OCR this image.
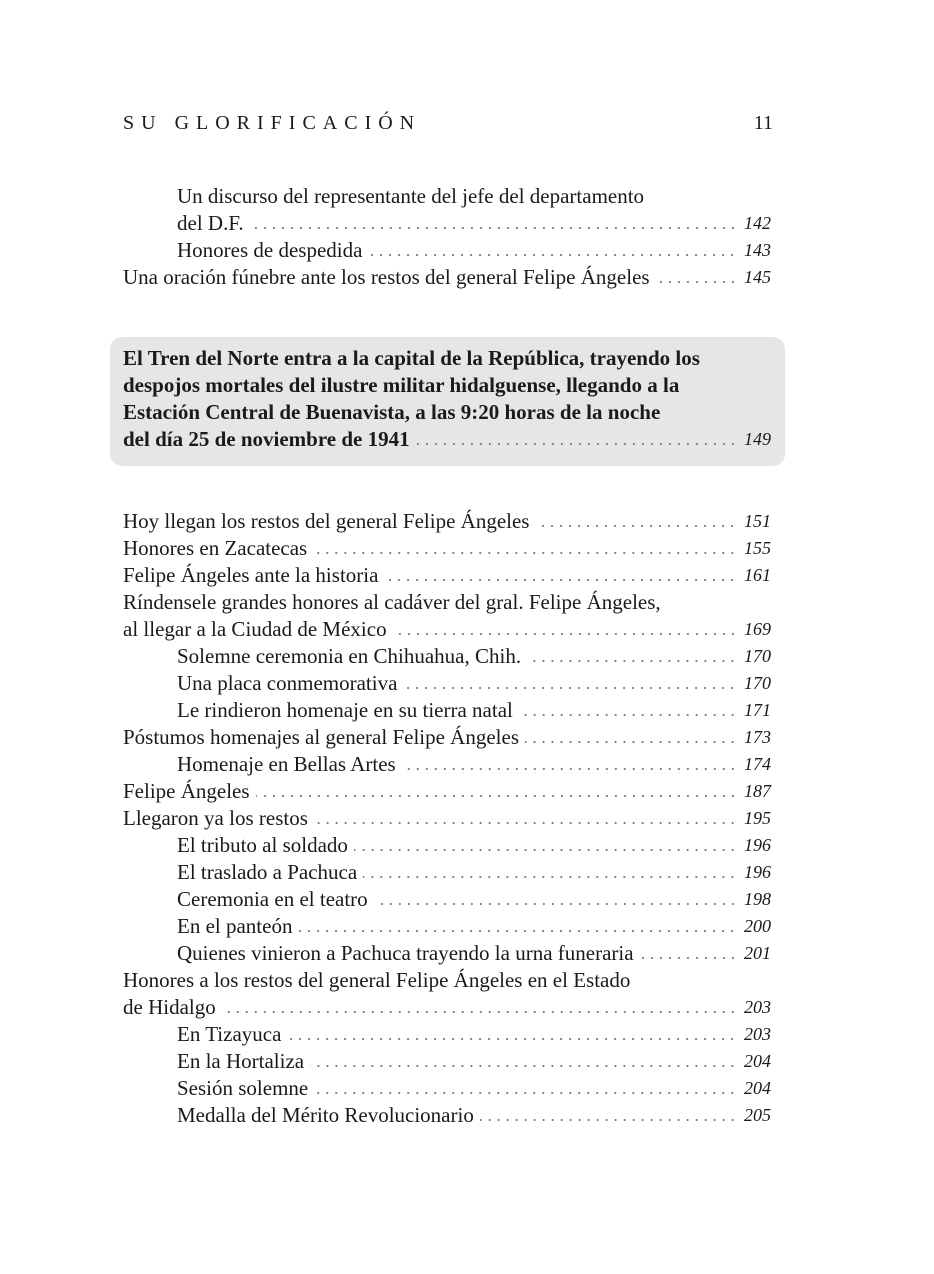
SU GLORIFICACIÓN	11
Un discurso del representante del jefe del departamento
del D.F.	142
Honores de despedida	143
Una oración fúnebre ante los restos del general Felipe Ángeles	145
El Tren del Norte entra a la capital de la República, trayendo los
despojos mortales del ilustre militar hidalguense, llegando a la
Estación Central de Buenavista, a las 9:20 horas de la noche
del día 25 de noviembre de 1941	149
Hoy llegan los restos del general Felipe Ángeles	151
Honores en Zacatecas	155
Felipe Ángeles ante la historia	161
Ríndensele grandes honores al cadáver del gral. Felipe Ángeles,
al llegar a la Ciudad de México	169
Solemne ceremonia en Chihuahua, Chih.	170
Una placa conmemorativa	170
Le rindieron homenaje en su tierra natal	171
Póstumos homenajes al general Felipe Ángeles	173
Homenaje en Bellas Artes	174
Felipe Ángeles	187
Llegaron ya los restos	195
El tributo al soldado	196
El traslado a Pachuca	196
Ceremonia en el teatro	198
En el panteón	200
Quienes vinieron a Pachuca trayendo la urna funeraria	201
Honores a los restos del general Felipe Ángeles en el Estado
de Hidalgo	203
En Tizayuca	203
En la Hortaliza	204
Sesión solemne	204
Medalla del Mérito Revolucionario	205
